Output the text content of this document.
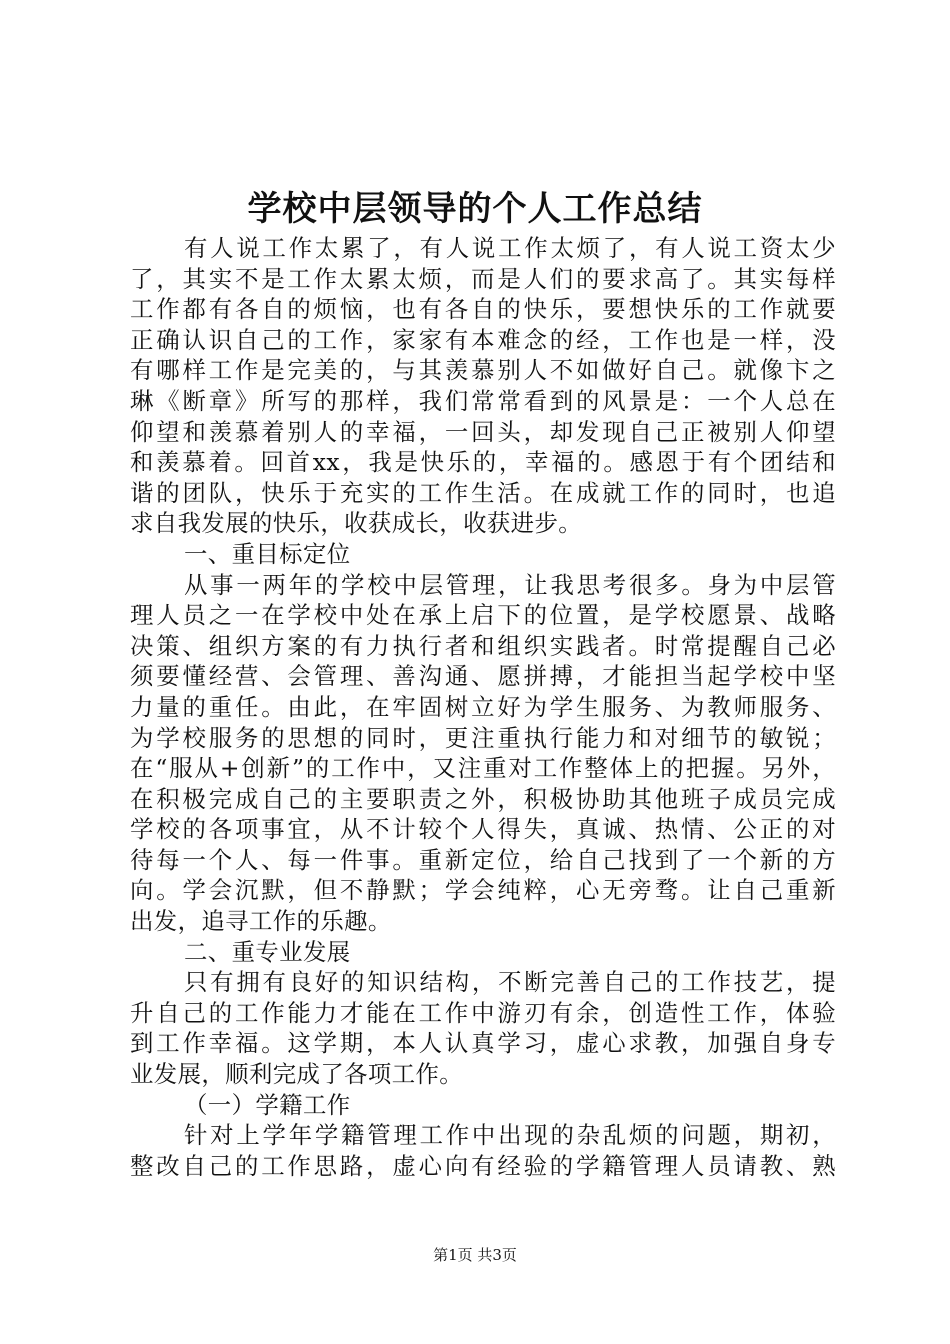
学校中层领导的个人工作总结
有人说工作太累了，有人说工作太烦了，有人说工资太少
了，其实不是工作太累太烦，而是人们的要求高了。其实每样
工作都有各自的烦恼，也有各自的快乐，要想快乐的工作就要
正确认识自己的工作，家家有本难念的经，工作也是一样，没
有哪样工作是完美的，与其羡慕别人不如做好自己。就像卞之
琳《断章》所写的那样，我们常常看到的风景是：一个人总在
仰望和羡慕着别人的幸福，一回头，却发现自己正被别人仰望
和羡慕着。回首xx，我是快乐的，幸福的。感恩于有个团结和
谐的团队，快乐于充实的工作生活。在成就工作的同时，也追
求自我发展的快乐，收获成长，收获进步。
一、重目标定位
从事一两年的学校中层管理，让我思考很多。身为中层管
理人员之一在学校中处在承上启下的位置，是学校愿景、战略
决策、组织方案的有力执行者和组织实践者。时常提醒自己必
须要懂经营、会管理、善沟通、愿拼搏，才能担当起学校中坚
力量的重任。由此，在牢固树立好为学生服务、为教师服务、
为学校服务的思想的同时，更注重执行能力和对细节的敏锐；
在“服从+创新”的工作中，又注重对工作整体上的把握。另外，
在积极完成自己的主要职责之外，积极协助其他班子成员完成
学校的各项事宜，从不计较个人得失，真诚、热情、公正的对
待每一个人、每一件事。重新定位，给自己找到了一个新的方
向。学会沉默，但不静默；学会纯粹，心无旁骛。让自己重新
出发，追寻工作的乐趣。
二、重专业发展
只有拥有良好的知识结构，不断完善自己的工作技艺，提
升自己的工作能力才能在工作中游刃有余，创造性工作，体验
到工作幸福。这学期，本人认真学习，虚心求教，加强自身专
业发展，顺利完成了各项工作。
（一）学籍工作
针对上学年学籍管理工作中出现的杂乱烦的问题，期初，
整改自己的工作思路，虚心向有经验的学籍管理人员请教、熟

第1页 共3页
